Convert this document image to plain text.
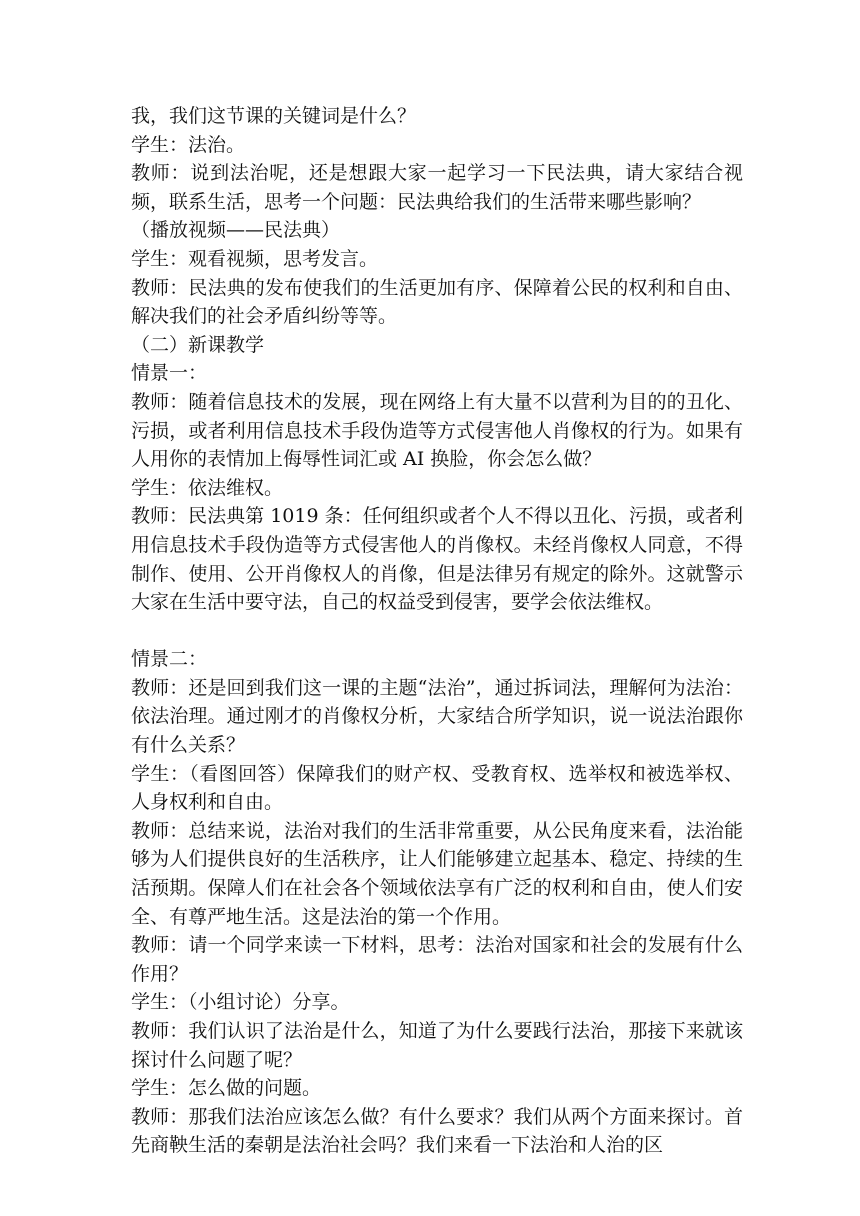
我，我们这节课的关键词是什么？

学生：法治。

教师：说到法治呢，还是想跟大家一起学习一下民法典，请大家结合视频，联系生活，思考一个问题：民法典给我们的生活带来哪些影响？

（播放视频——民法典）

学生：观看视频，思考发言。

教师：民法典的发布使我们的生活更加有序、保障着公民的权利和自由、解决我们的社会矛盾纠纷等等。

（二）新课教学

情景一：

教师：随着信息技术的发展，现在网络上有大量不以营利为目的的丑化、污损，或者利用信息技术手段伪造等方式侵害他人肖像权的行为。如果有人用你的表情加上侮辱性词汇或 AI 换脸，你会怎么做？

学生：依法维权。

教师：民法典第 1019 条：任何组织或者个人不得以丑化、污损，或者利用信息技术手段伪造等方式侵害他人的肖像权。未经肖像权人同意，不得制作、使用、公开肖像权人的肖像，但是法律另有规定的除外。这就警示大家在生活中要守法，自己的权益受到侵害，要学会依法维权。

情景二：

教师：还是回到我们这一课的主题“法治”，通过拆词法，理解何为法治：依法治理。通过刚才的肖像权分析，大家结合所学知识，说一说法治跟你有什么关系？

学生：（看图回答）保障我们的财产权、受教育权、选举权和被选举权、人身权利和自由。

教师：总结来说，法治对我们的生活非常重要，从公民角度来看，法治能够为人们提供良好的生活秩序，让人们能够建立起基本、稳定、持续的生活预期。保障人们在社会各个领域依法享有广泛的权利和自由，使人们安全、有尊严地生活。这是法治的第一个作用。

教师：请一个同学来读一下材料，思考：法治对国家和社会的发展有什么作用？

学生：（小组讨论）分享。

教师：我们认识了法治是什么，知道了为什么要践行法治，那接下来就该探讨什么问题了呢？

学生：怎么做的问题。

教师：那我们法治应该怎么做？有什么要求？我们从两个方面来探讨。首先商鞅生活的秦朝是法治社会吗？我们来看一下法治和人治的区
